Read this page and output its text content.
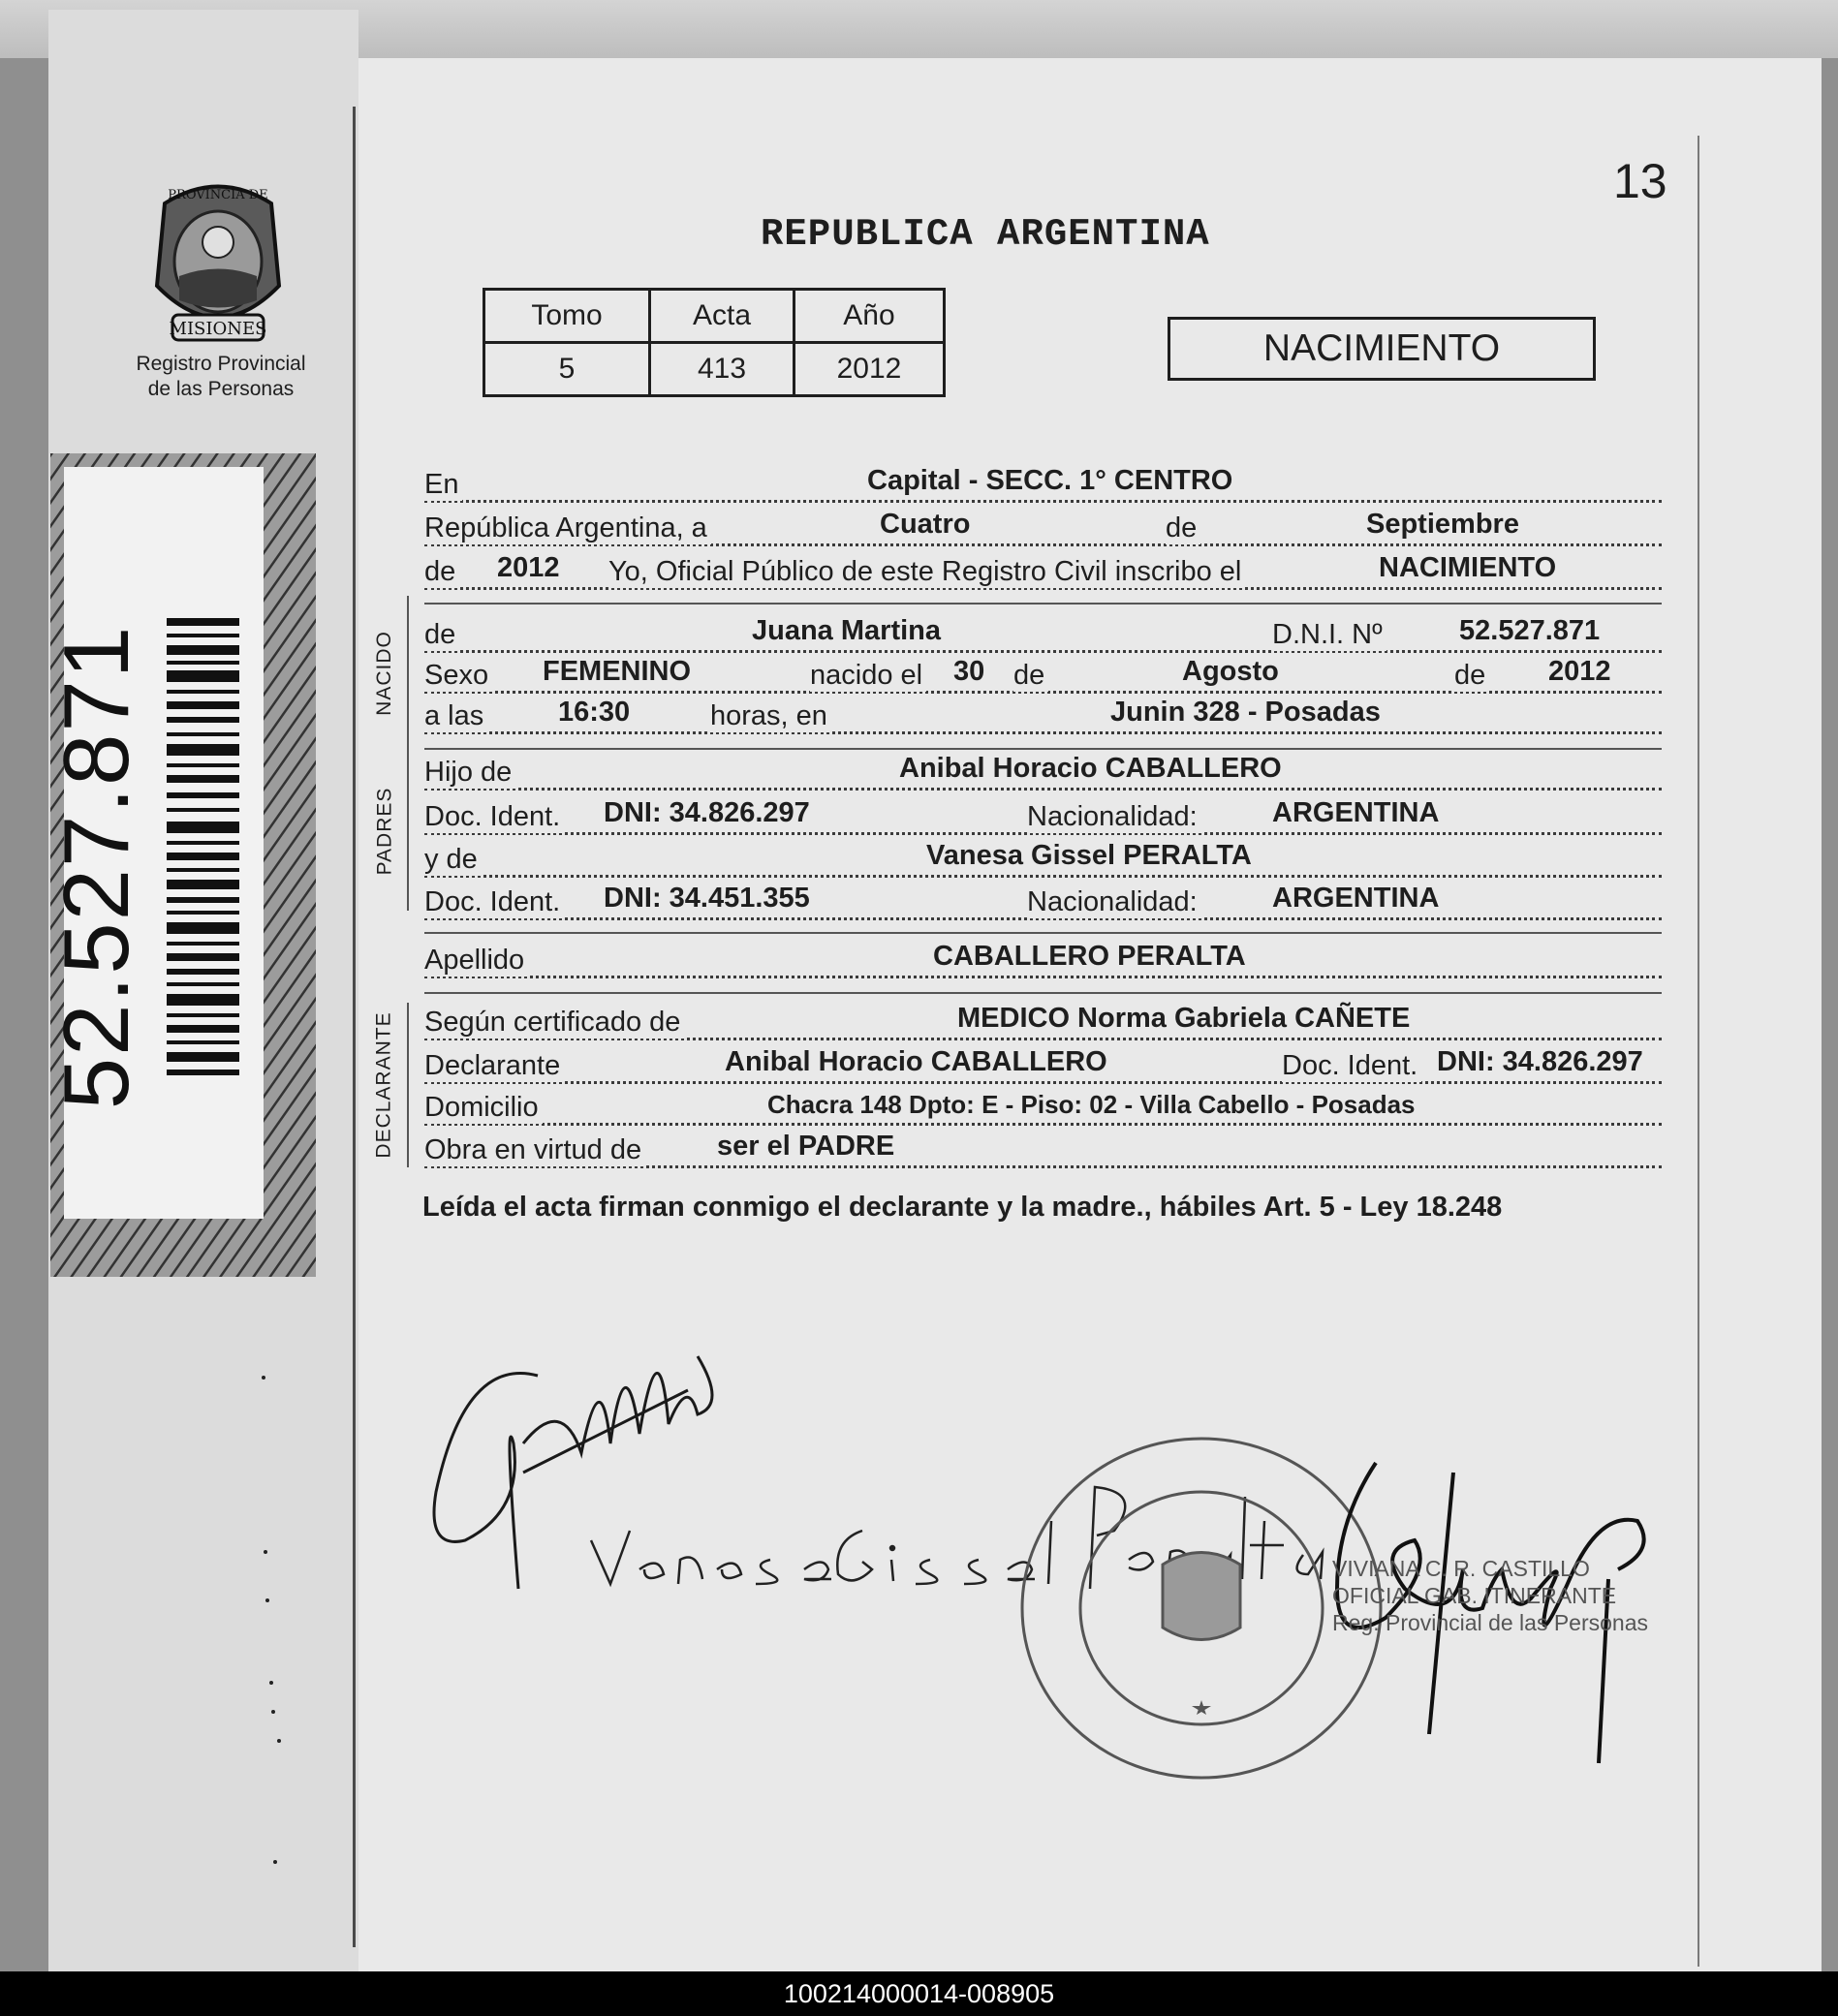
MISIONES
PROVINCIA DE
Registro Provincial
de las Personas
52.527.871
13
REPUBLICA ARGENTINA
Tomo	Acta	Año
5	413	2012	NACIMIENTO
NACIDO
PADRES
DECLARANTE
En	Capital - SECC. 1° CENTRO
República Argentina, a	Cuatro	de	Septiembre
de 2012 Yo, Oficial Público de este Registro Civil inscribo el	NACIMIENTO
de	Juana Martina	D.N.I. Nº	52.527.871
Sexo FEMENINO	nacido el 30 de	Agosto	de 2012
a las	16:30	horas, en	Junin 328 - Posadas
Hijo de	Anibal Horacio CABALLERO
Doc. Ident. DNI: 34.826.297	Nacionalidad:	ARGENTINA
y de	Vanesa Gissel PERALTA
Doc. Ident. DNI: 34.451.355	Nacionalidad:	ARGENTINA
Apellido	CABALLERO PERALTA
Según certificado de	MEDICO Norma Gabriela CAÑETE
Declarante	Anibal Horacio CABALLERO	Doc. Ident. DNI: 34.826.297
Domicilio	Chacra 148 Dpto: E - Piso: 02 - Villa Cabello - Posadas
Obra en virtud de	ser el PADRE
Leída el acta firman conmigo el declarante y la madre., hábiles Art. 5 - Ley 18.248
VIVIANA C. R. CASTILLO
OFICIAL GAB. ITINERANTE
Reg. Provincial de las Personas
100214000014-008905
